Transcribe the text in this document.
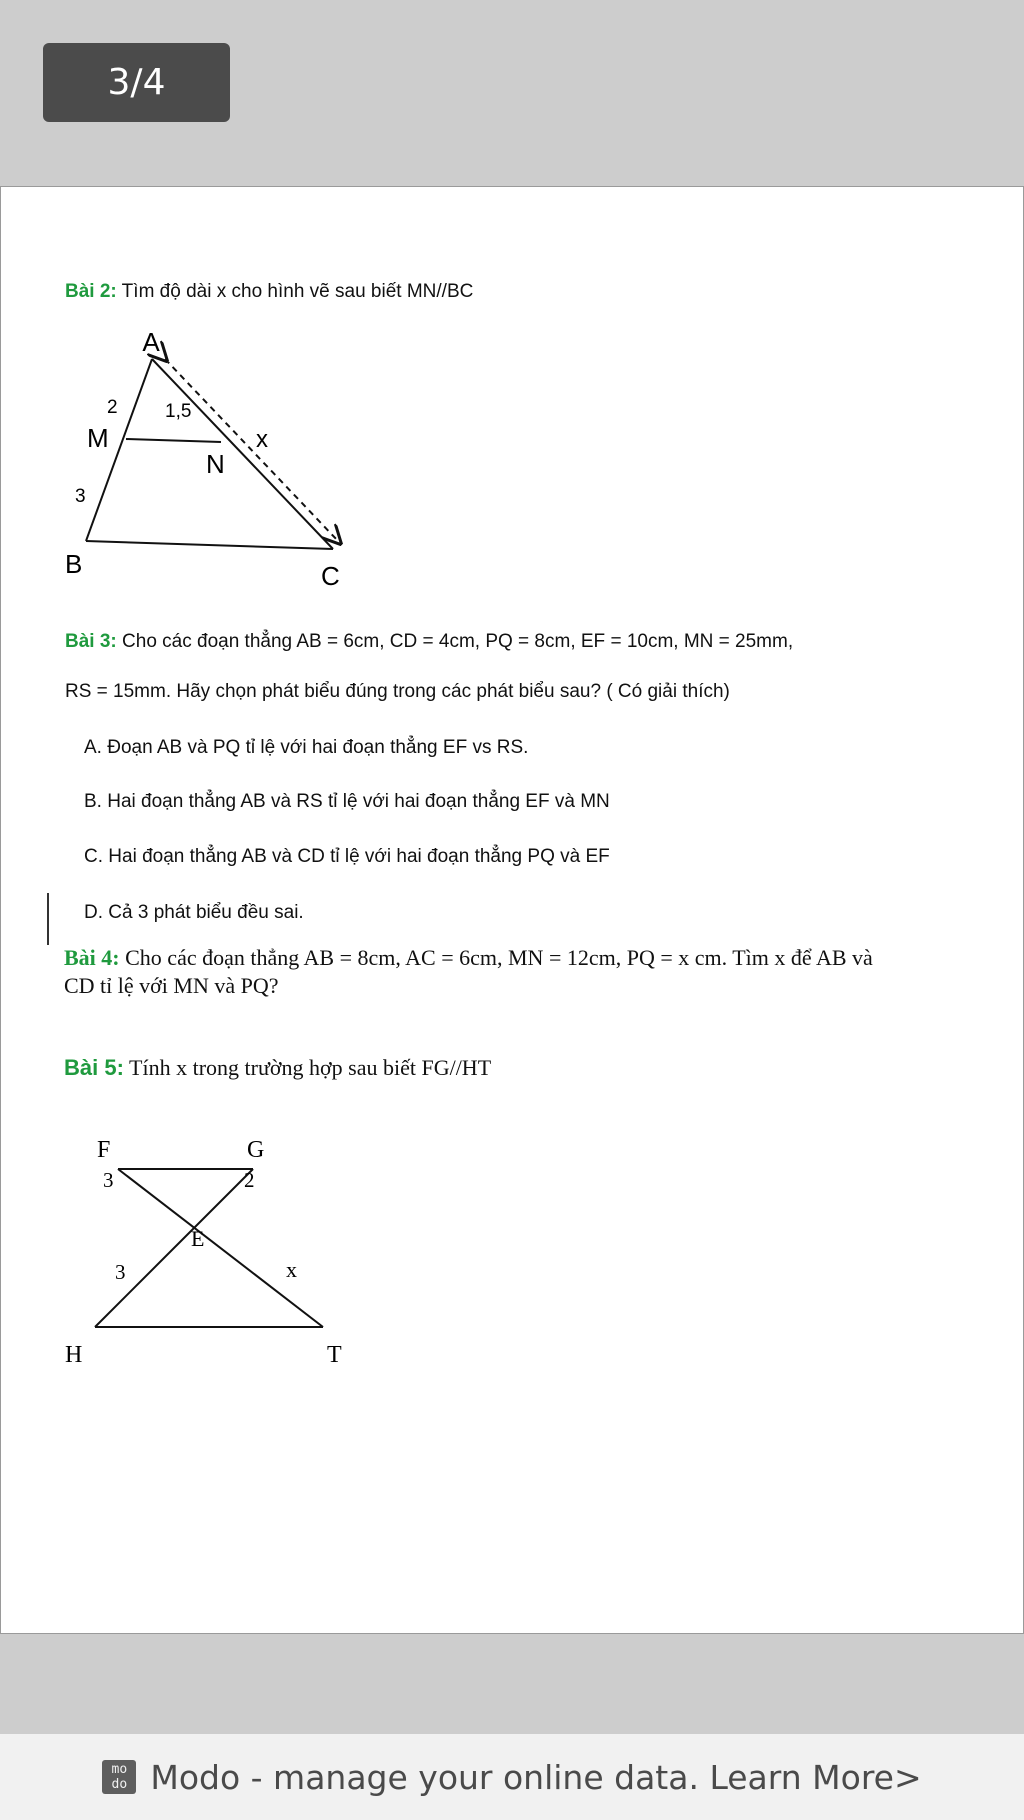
3/4
Bài 2: Tìm độ dài x cho hình vẽ sau biết MN//BC
A
M
N
B	C
x
2 1,5
3
Bài 3: Cho các đoạn thẳng AB = 6cm, CD = 4cm, PQ = 8cm, EF = 10cm, MN = 25mm,
RS = 15mm. Hãy chọn phát biểu đúng trong các phát biểu sau? ( Có giải thích)
A. Đoạn AB và PQ tỉ lệ với hai đoạn thẳng EF vs RS.
B. Hai đoạn thẳng AB và RS tỉ lệ với hai đoạn thẳng EF và MN
C. Hai đoạn thẳng AB và CD tỉ lệ với hai đoạn thẳng PQ và EF
D. Cả 3 phát biểu đều sai.
Bài 4: Cho các đoạn thẳng AB = 8cm, AC = 6cm, MN = 12cm, PQ = x cm. Tìm x để AB và
CD tỉ lệ với MN và PQ?
Bài 5: Tính x trong trường hợp sau biết FG//HT
F	G
E
H	T
x
3	2
3
mo do Modo - manage your online data. Learn More>
